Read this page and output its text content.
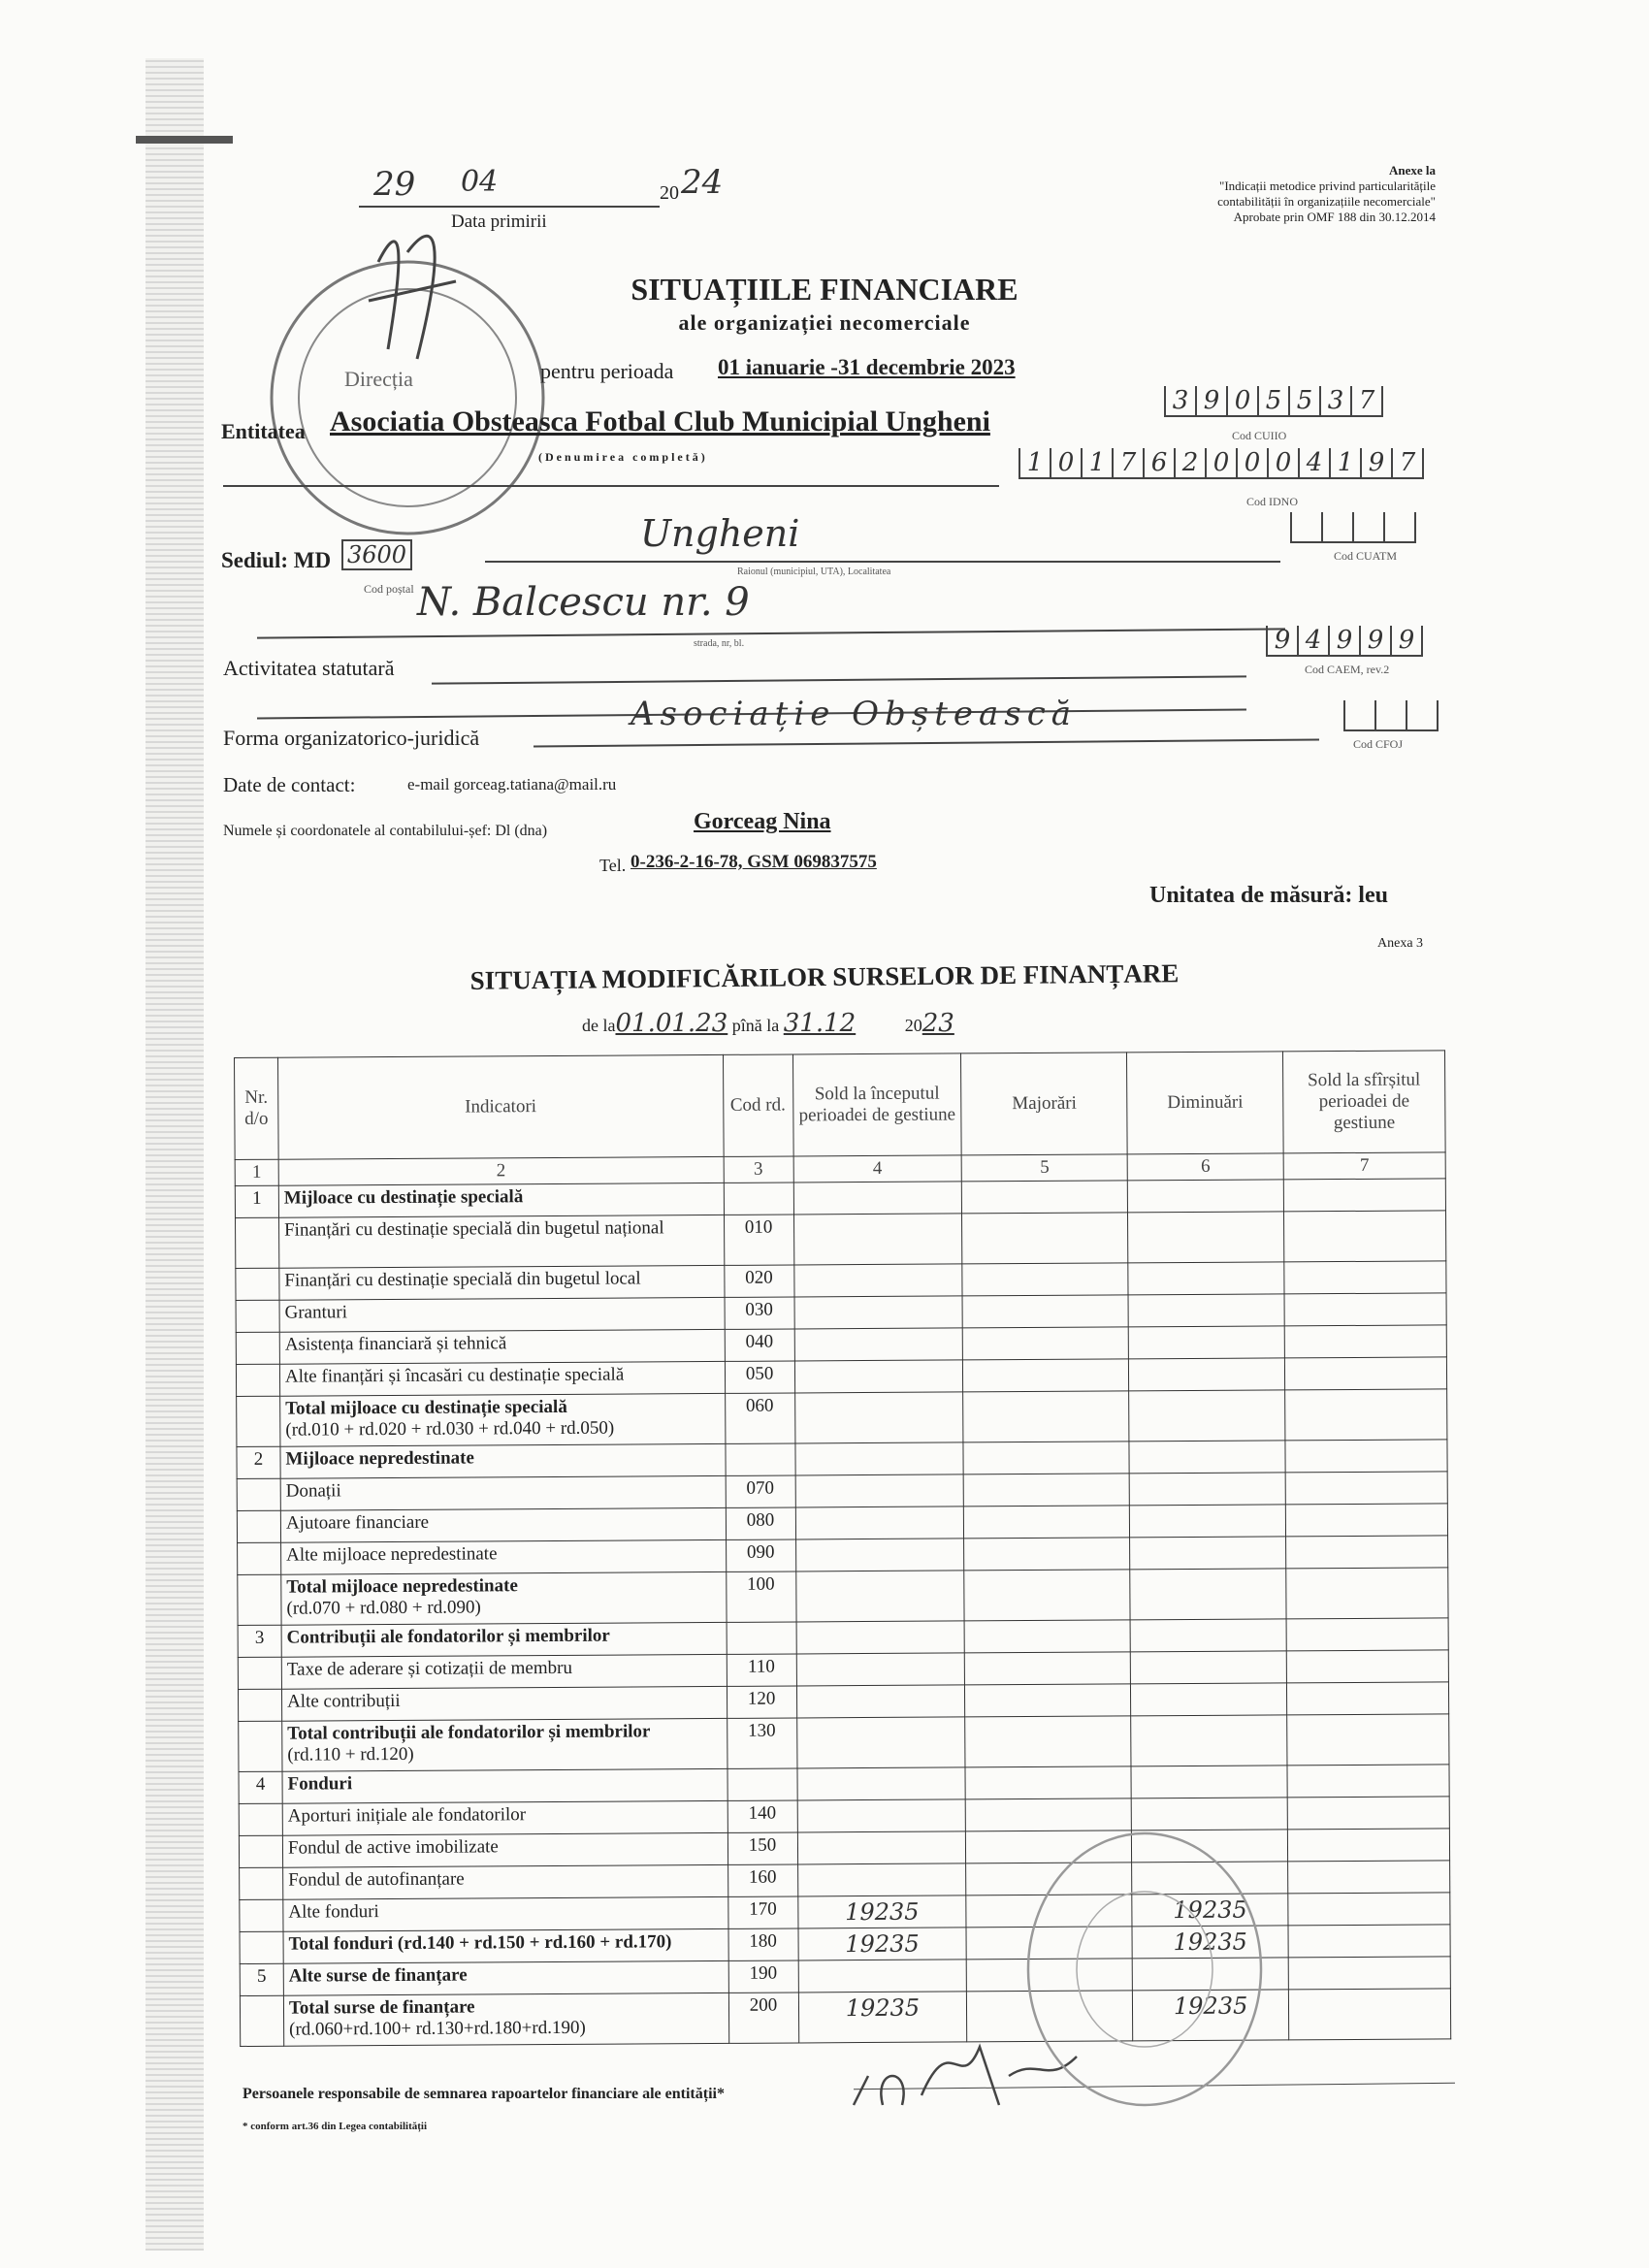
29 04	20 24
Data primirii
Anexe la
"Indicații metodice privind particularitățile
contabilității în organizațiile necomerciale"
Aprobate prin OMF 188 din 30.12.2014
Direcția
SITUAȚIILE FINANCIARE
ale organizației necomerciale
pentru perioada 01 ianuarie -31 decembrie 2023
Entitatea Asociatia Obsteasca Fotbal Club Municipial Ungheni
(Denumirea completă)
3 9 0 5 5 3 7
Cod CUIIO
1 0 1 7 6 2 0 0 0 4 1 9 7
Cod IDNO
Sediul: MD 3600
Cod poștal
Ungheni
Raionul (municipiul, UTA), Localitatea
Cod CUATM
N. Balcescu nr. 9
strada, nr, bl.
Activitatea statutară
9 4 9 9 9
Cod CAEM, rev.2
Forma organizatorico-juridică
Asociație Obștească
Cod CFOJ
Date de contact:	e-mail gorceag.tatiana@mail.ru
Numele și coordonatele al contabilului-șef: Dl (dna)	Gorceag Nina
Tel. 0-236-2-16-78, GSM 069837575
Unitatea de măsură: leu
Anexa 3
SITUAȚIA MODIFICĂRILOR SURSELOR DE FINANȚARE
de la01.01.23 pînă la 31.12	2023
Nr. d/o	Indicatori	Cod rd.	Sold la începutul perioadei de gestiune	Majorări	Diminuări	Sold la sfîrșitul perioadei de gestiune
1	2	3	4	5	6	7
1	Mijloace cu destinație specială					

	Finanțări cu destinație specială din bugetul național	010				

	Finanțări cu destinație specială din bugetul local	020				

	Granturi	030				

	Asistența financiară și tehnică	040				

	Alte finanțări și încasări cu destinație specială	050				

	Total mijloace cu destinație specială
(rd.010 + rd.020 + rd.030 + rd.040 + rd.050)	060				
2	Mijloace nepredestinate					

	Donații	070				

	Ajutoare financiare	080				

	Alte mijloace nepredestinate	090				

	Total mijloace nepredestinate
(rd.070 + rd.080 + rd.090)	100				
3	Contribuții ale fondatorilor și membrilor					

	Taxe de aderare și cotizații de membru	110				

	Alte contribuții	120				

	Total contribuții ale fondatorilor și membrilor
(rd.110 + rd.120)	130				
4	Fonduri					

	Aporturi inițiale ale fondatorilor	140				

	Fondul de active imobilizate	150				

	Fondul de autofinanțare	160				

	Alte fonduri	170	19235		19235	

	Total fonduri (rd.140 + rd.150 + rd.160 + rd.170)	180	19235		19235	
5	Alte surse de finanțare	190				

	Total surse de finanțare
(rd.060+rd.100+ rd.130+rd.180+rd.190)	200	19235		19235	
Persoanele responsabile de semnarea rapoartelor financiare ale entității*
* conform art.36 din Legea contabilității
